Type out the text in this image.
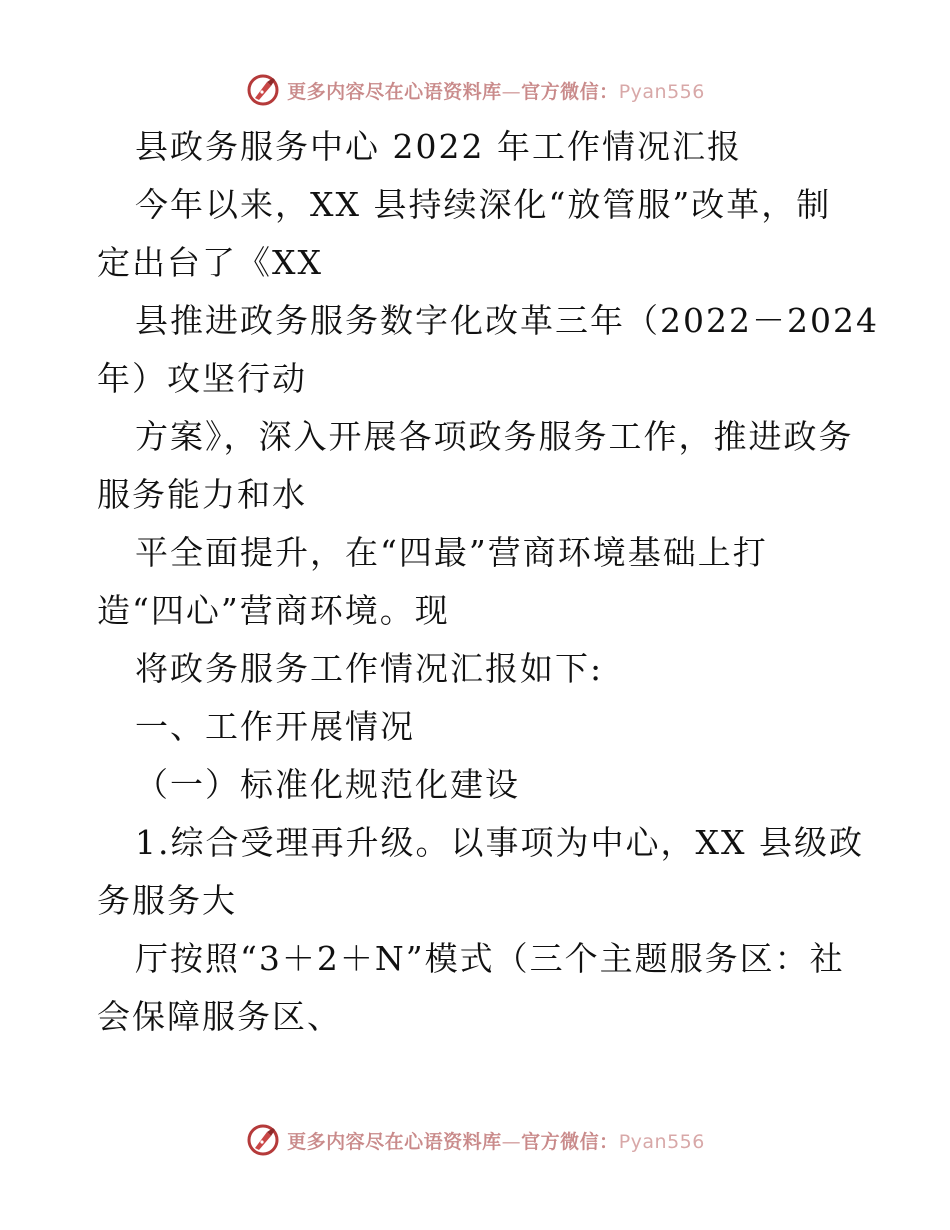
更多内容尽在心语资料库—官方微信：Pyan556
县政务服务中心 2022 年工作情况汇报
今年以来，XX 县持续深化“放管服”改革，制
定出台了《XX
县推进政务服务数字化改革三年（2022－2024
年）攻坚行动
方案》，深入开展各项政务服务工作，推进政务
服务能力和水
平全面提升，在“四最”营商环境基础上打
造“四心”营商环境。现
将政务服务工作情况汇报如下:
一、工作开展情况
（一）标准化规范化建设
1.综合受理再升级。以事项为中心，XX 县级政
务服务大
厅按照“3＋2＋N”模式（三个主题服务区：社
会保障服务区、
更多内容尽在心语资料库—官方微信：Pyan556
